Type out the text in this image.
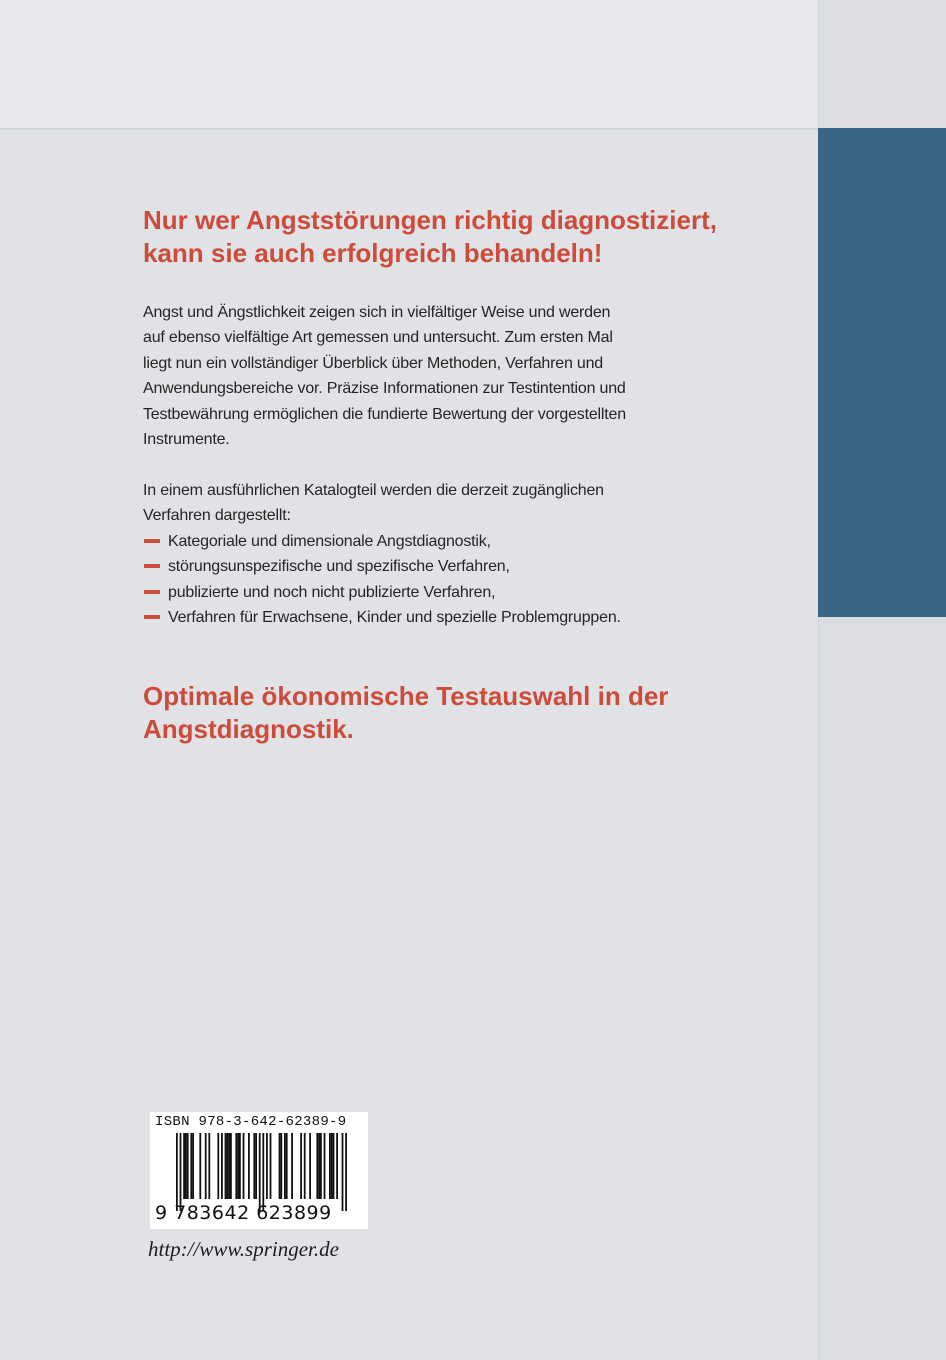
Nur wer Angststörungen richtig diagnostiziert,
kann sie auch erfolgreich behandeln!

Angst und Ängstlichkeit zeigen sich in vielfältiger Weise und werden
auf ebenso vielfältige Art gemessen und untersucht. Zum ersten Mal
liegt nun ein vollständiger Überblick über Methoden, Verfahren und
Anwendungsbereiche vor. Präzise Informationen zur Testintention und
Testbewährung ermöglichen die fundierte Bewertung der vorgestellten
Instrumente.

In einem ausführlichen Katalogteil werden die derzeit zugänglichen
Verfahren dargestellt:

Kategoriale und dimensionale Angstdiagnostik,
störungsunspezifische und spezifische Verfahren,
publizierte und noch nicht publizierte Verfahren,
Verfahren für Erwachsene, Kinder und spezielle Problemgruppen.
Optimale ökonomische Testauswahl in der
Angstdiagnostik.
ISBN 978-3-642-62389-9
9 783642 623899
http://www.springer.de
